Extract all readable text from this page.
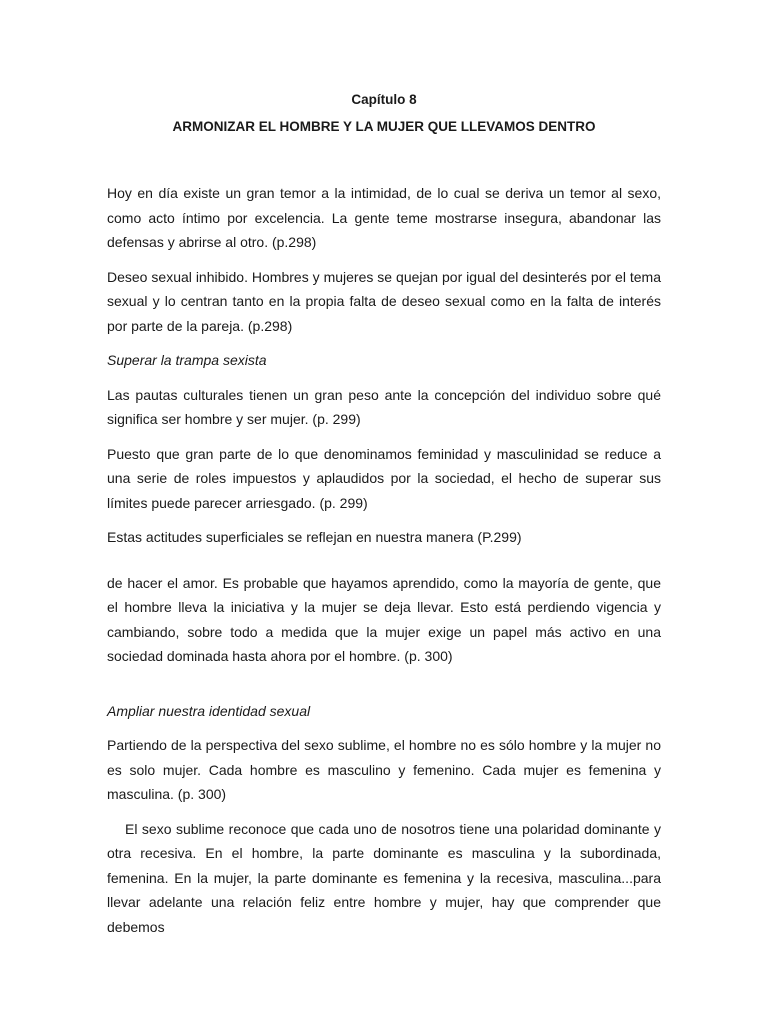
Capítulo 8

ARMONIZAR EL HOMBRE Y LA MUJER QUE LLEVAMOS DENTRO

Hoy en día existe un gran temor a la intimidad, de lo cual se deriva un temor al sexo, como acto íntimo por excelencia. La gente teme mostrarse insegura, abandonar las defensas y abrirse al otro. (p.298)

Deseo sexual inhibido. Hombres y mujeres se quejan por igual del desinterés por el tema sexual y lo centran tanto en la propia falta de deseo sexual como en la falta de interés por parte de la pareja. (p.298)

Superar la trampa sexista

Las pautas culturales tienen un gran peso ante la concepción del individuo sobre qué significa ser hombre y ser mujer. (p. 299)

Puesto que gran parte de lo que denominamos feminidad y masculinidad se reduce a una serie de roles impuestos y aplaudidos por la sociedad, el hecho de superar sus límites puede parecer arriesgado. (p. 299)

Estas actitudes superficiales se reflejan en nuestra manera (P.299)

de hacer el amor. Es probable que hayamos aprendido, como la mayoría de gente, que el hombre lleva la iniciativa y la mujer se deja llevar. Esto está perdiendo vigencia y cambiando, sobre todo a medida que la mujer exige un papel más activo en una sociedad dominada hasta ahora por el hombre. (p. 300)

Ampliar nuestra identidad sexual

Partiendo de la perspectiva del sexo sublime, el hombre no es sólo hombre y la mujer no es solo mujer. Cada hombre es masculino y femenino. Cada mujer es femenina y masculina. (p. 300)

El sexo sublime reconoce que cada uno de nosotros tiene una polaridad dominante y otra recesiva. En el hombre, la parte dominante es masculina y la subordinada, femenina. En la mujer, la parte dominante es femenina y la recesiva, masculina...para llevar adelante una relación feliz entre hombre y mujer, hay que comprender que debemos
